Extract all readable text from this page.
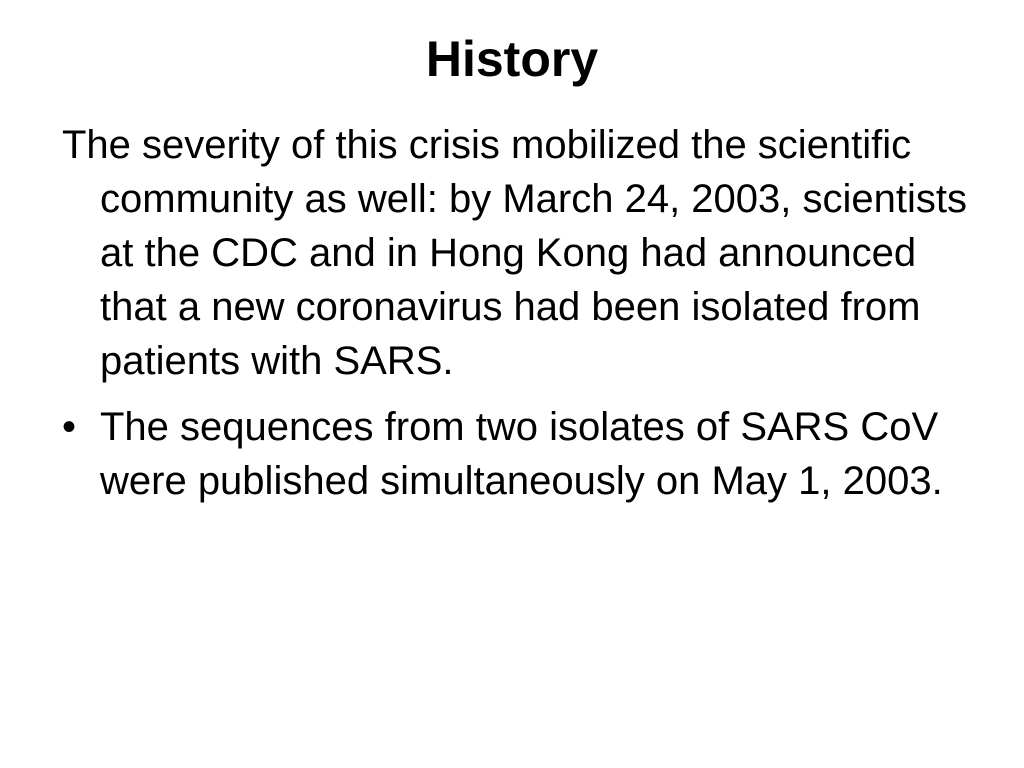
History
The severity of this crisis mobilized the scientific community as well: by March 24, 2003, scientists at the CDC and in Hong Kong had announced that a new coronavirus had been isolated from patients with SARS.
• The sequences from two isolates of SARS CoV were published simultaneously on May 1, 2003.
